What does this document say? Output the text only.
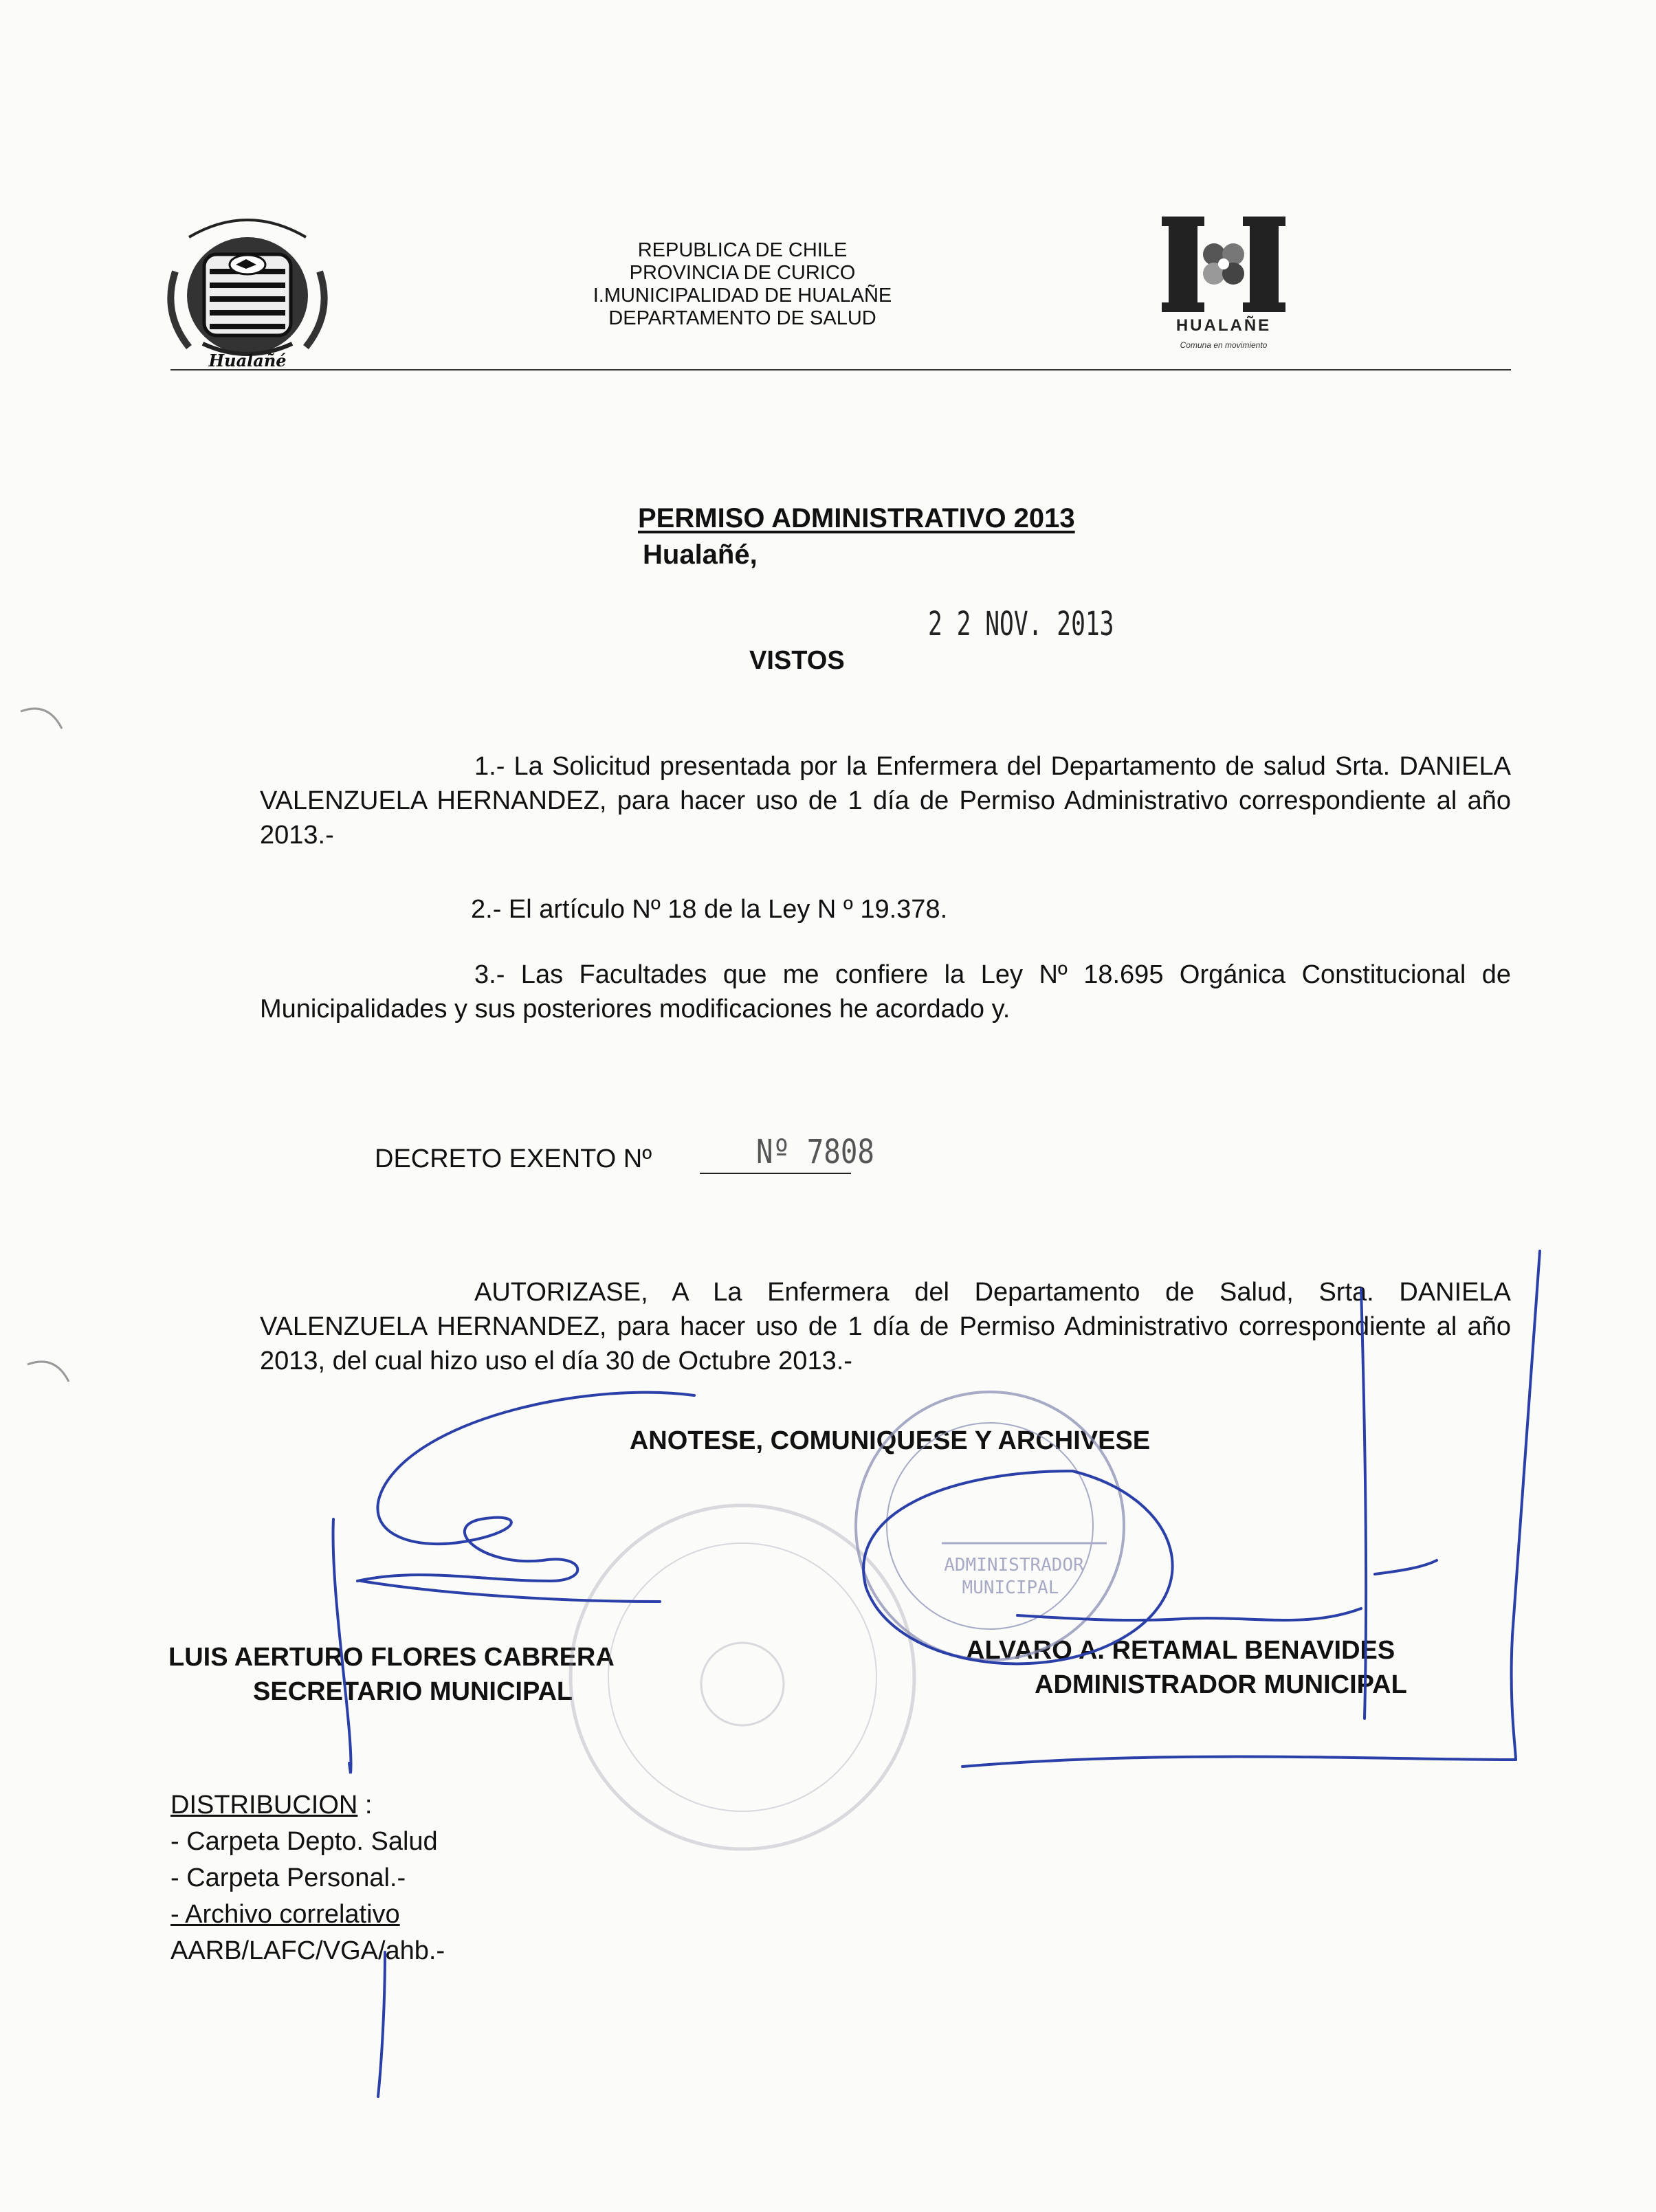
Hualañé
REPUBLICA DE CHILE
PROVINCIA DE CURICO
I.MUNICIPALIDAD DE HUALAÑE
DEPARTAMENTO DE SALUD	HUALAÑE
Comuna en movimiento
PERMISO ADMINISTRATIVO 2013
Hualañé,
2 2 NOV. 2013
VISTOS
1.- La Solicitud presentada por la Enfermera del Departamento de salud Srta. DANIELA VALENZUELA HERNANDEZ, para hacer uso de 1 día de Permiso Administrativo correspondiente al año 2013.-
2.- El artículo Nº 18 de la Ley N º 19.378.
3.- Las Facultades que me confiere la Ley Nº 18.695 Orgánica Constitucional de Municipalidades y sus posteriores modificaciones he acordado y.
DECRETO EXENTO Nº	Nº 7808
AUTORIZASE, A La Enfermera del Departamento de Salud, Srta. DANIELA VALENZUELA HERNANDEZ, para hacer uso de 1 día de Permiso Administrativo correspondiente al año 2013, del cual hizo uso el día 30 de Octubre 2013.-
ANOTESE, COMUNIQUESE Y ARCHIVESE
LUIS AERTURO FLORES CABRERA
SECRETARIO MUNICIPAL
ALVARO A. RETAMAL BENAVIDES
ADMINISTRADOR MUNICIPAL
DISTRIBUCION :
- Carpeta Depto. Salud
- Carpeta Personal.-
- Archivo correlativo
AARB/LAFC/VGA/ahb.-
ADMINISTRADOR
MUNICIPAL
